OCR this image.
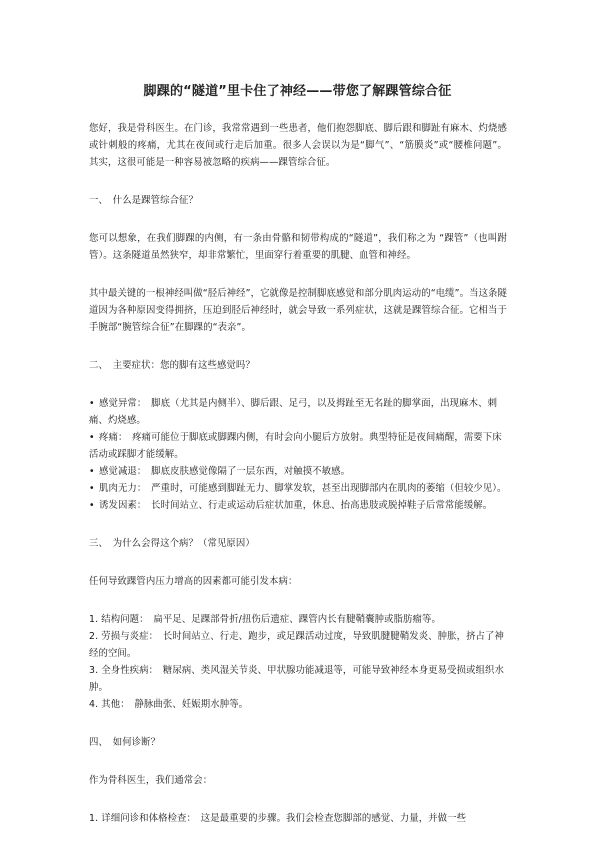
脚踝的“隧道”里卡住了神经——带您了解踝管综合征

您好，我是骨科医生。在门诊，我常常遇到一些患者，他们抱怨脚底、脚后跟和脚趾有麻木、灼烧感或针刺般的疼痛，尤其在夜间或行走后加重。很多人会误以为是“脚气”、“筋膜炎”或“腰椎问题”。其实，这很可能是一种容易被忽略的疾病——踝管综合征。

一、　什么是踝管综合征？

您可以想象，在我们脚踝的内侧，有一条由骨骼和韧带构成的“隧道”，我们称之为 “踝管”（也叫跗管）。这条隧道虽然狭窄，却非常繁忙，里面穿行着重要的肌腱、血管和神经。

其中最关键的一根神经叫做“胫后神经”，它就像是控制脚底感觉和部分肌肉运动的“电缆”。当这条隧道因为各种原因变得拥挤，压迫到胫后神经时，就会导致一系列症状，这就是踝管综合征。它相当于手腕部“腕管综合征”在脚踝的“表亲”。

二、　主要症状：您的脚有这些感觉吗？

• 感觉异常：　脚底（尤其是内侧半）、脚后跟、足弓，以及拇趾至无名趾的脚掌面，出现麻木、刺痛、灼烧感。
• 疼痛：　疼痛可能位于脚底或脚踝内侧，有时会向小腿后方放射。典型特征是夜间痛醒，需要下床活动或踩脚才能缓解。
• 感觉减退：　脚底皮肤感觉像隔了一层东西，对触摸不敏感。
• 肌肉无力：　严重时，可能感到脚趾无力、脚掌发软，甚至出现脚部内在肌肉的萎缩（但较少见）。
• 诱发因素：　长时间站立、行走或运动后症状加重，休息、抬高患肢或脱掉鞋子后常常能缓解。

三、　为什么会得这个病？（常见原因）

任何导致踝管内压力增高的因素都可能引发本病：

1. 结构问题：　扁平足、足踝部骨折/扭伤后遗症、踝管内长有腱鞘囊肿或脂肪瘤等。
2. 劳损与炎症：　长时间站立、行走、跑步，或足踝活动过度，导致肌腱腱鞘发炎、肿胀，挤占了神经的空间。
3. 全身性疾病：　糖尿病、类风湿关节炎、甲状腺功能减退等，可能导致神经本身更易受损或组织水肿。
4. 其他：　静脉曲张、妊娠期水肿等。

四、　如何诊断？

作为骨科医生，我们通常会：

1. 详细问诊和体格检查：　这是最重要的步骤。我们会检查您脚部的感觉、力量，并做一些
